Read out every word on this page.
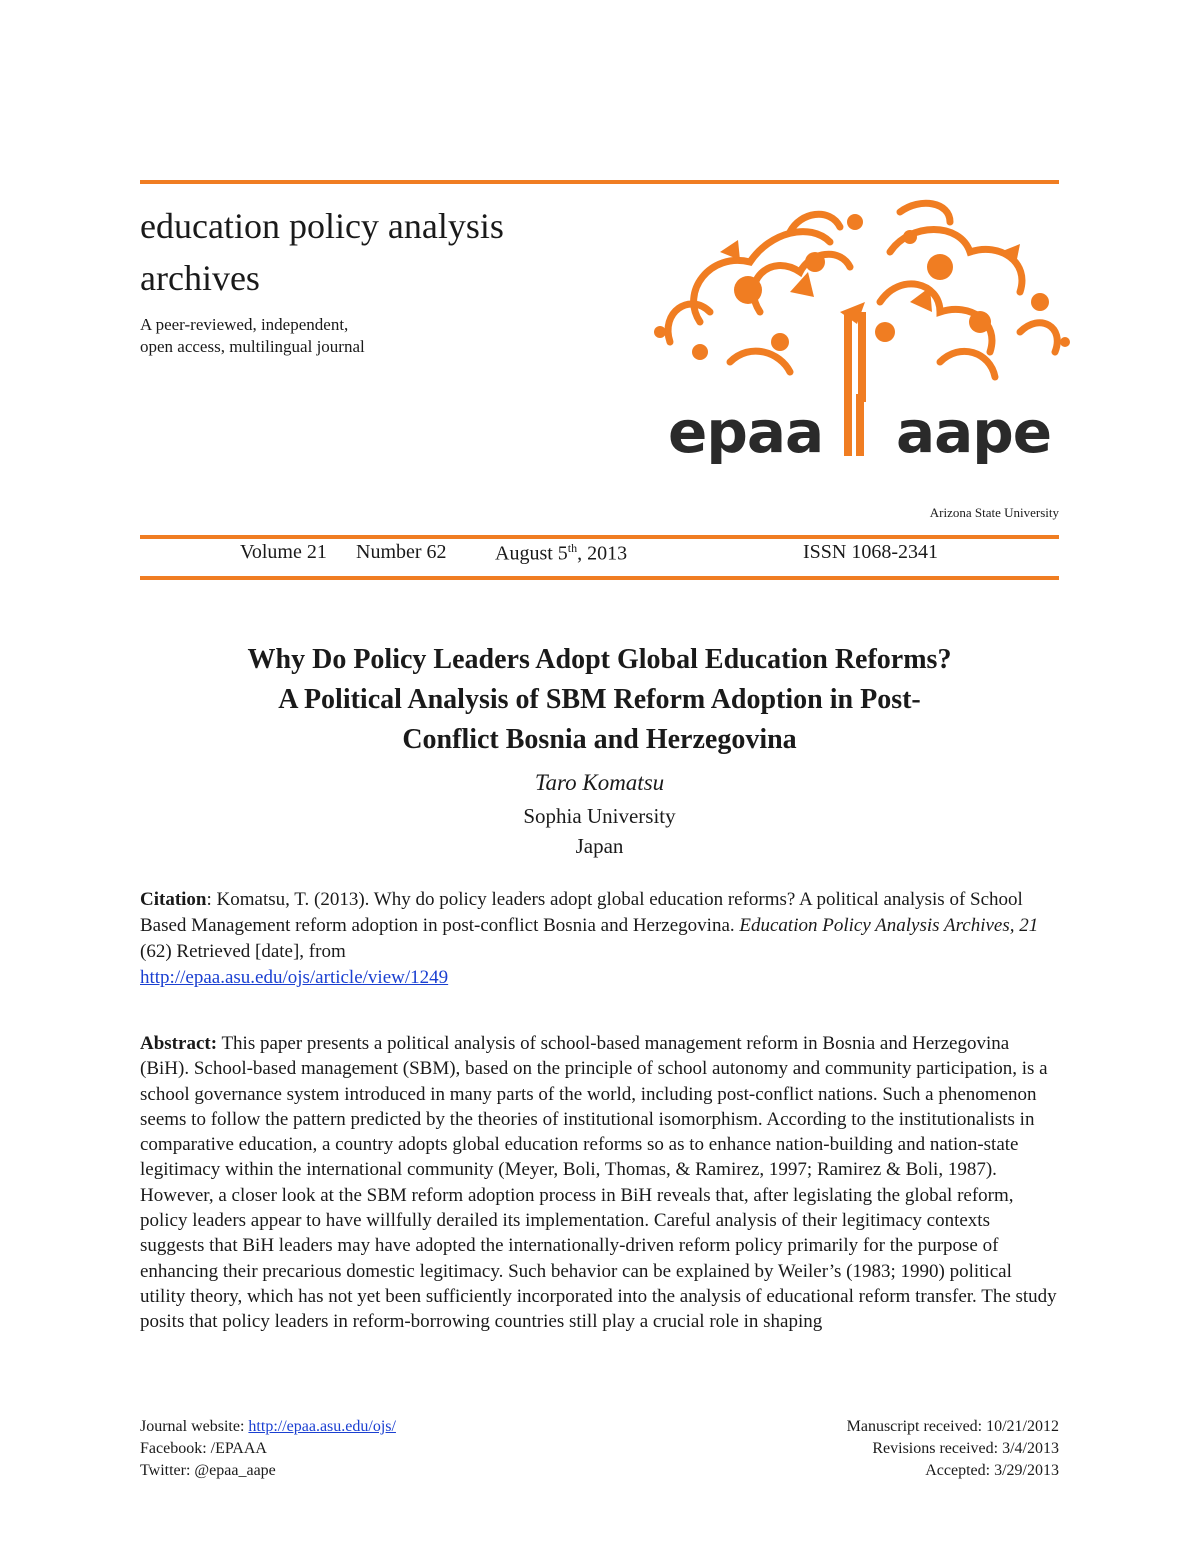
education policy analysis
archives
A peer-reviewed, independent,
open access, multilingual journal
epaa aape
Arizona State University
Volume 21 Number 62 August 5th, 2013	ISSN 1068-2341
Why Do Policy Leaders Adopt Global Education Reforms?
A Political Analysis of SBM Reform Adoption in Post-
Conflict Bosnia and Herzegovina
Taro Komatsu
Sophia University
Japan
Citation: Komatsu, T. (2013). Why do policy leaders adopt global education reforms? A political analysis of School Based Management reform adoption in post-conflict Bosnia and Herzegovina. Education Policy Analysis Archives, 21 (62) Retrieved [date], from
http://epaa.asu.edu/ojs/article/view/1249
Abstract: This paper presents a political analysis of school-based management reform in Bosnia and Herzegovina (BiH). School-based management (SBM), based on the principle of school autonomy and community participation, is a school governance system introduced in many parts of the world, including post-conflict nations. Such a phenomenon seems to follow the pattern predicted by the theories of institutional isomorphism. According to the institutionalists in comparative education, a country adopts global education reforms so as to enhance nation-building and nation-state legitimacy within the international community (Meyer, Boli, Thomas, & Ramirez, 1997; Ramirez & Boli, 1987). However, a closer look at the SBM reform adoption process in BiH reveals that, after legislating the global reform, policy leaders appear to have willfully derailed its implementation. Careful analysis of their legitimacy contexts suggests that BiH leaders may have adopted the internationally-driven reform policy primarily for the purpose of enhancing their precarious domestic legitimacy. Such behavior can be explained by Weiler’s (1983; 1990) political utility theory, which has not yet been sufficiently incorporated into the analysis of educational reform transfer. The study posits that policy leaders in reform-borrowing countries still play a crucial role in shaping
Journal website: http://epaa.asu.edu/ojs/
Facebook: /EPAAA
Twitter: @epaa_aape
Manuscript received: 10/21/2012
Revisions received: 3/4/2013
Accepted: 3/29/2013
